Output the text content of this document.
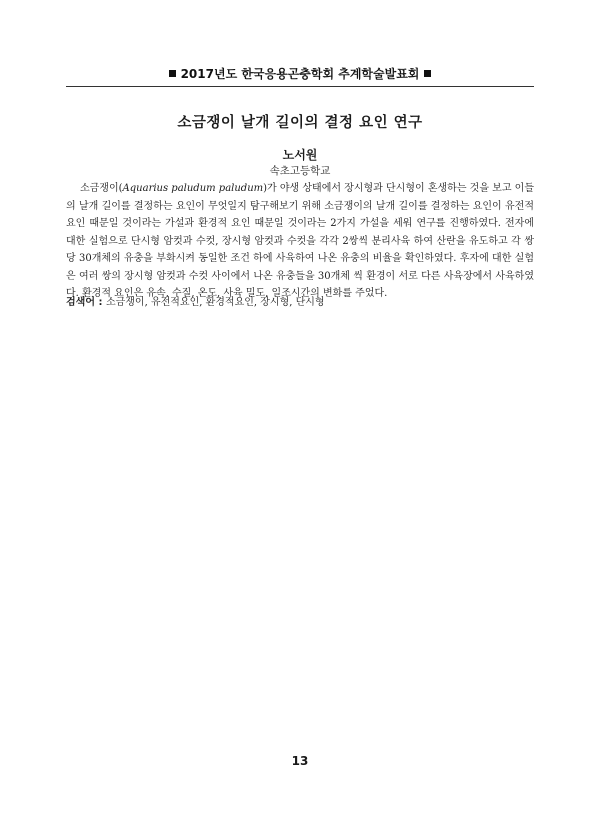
2017년도 한국응용곤충학회 추계학술발표회
소금쟁이 날개 길이의 결정 요인 연구
노서원
속초고등학교

소금쟁이(Aquarius paludum paludum)가 야생 상태에서 장시형과 단시형이 혼생하는 것을 보고 이들의 날개 길이를 결정하는 요인이 무엇일지 탐구해보기 위해 소금쟁이의 날개 길이를 결정하는 요인이 유전적 요인 때문일 것이라는 가설과 환경적 요인 때문일 것이라는 2가지 가설을 세워 연구를 진행하였다. 전자에 대한 실험으로 단시형 암컷과 수컷, 장시형 암컷과 수컷을 각각 2쌍씩 분리사육 하여 산란을 유도하고 각 쌍당 30개체의 유충을 부화시켜 동일한 조건 하에 사육하여 나온 유충의 비율을 확인하였다. 후자에 대한 실험은 여러 쌍의 장시형 암컷과 수컷 사이에서 나온 유충들을 30개체 씩 환경이 서로 다른 사육장에서 사육하였다. 환경적 요인은 유속, 수질, 온도, 사육 밀도, 일조시간의 변화를 주었다.

검색어 : 소금쟁이, 유전적요인, 환경적요인, 장시형, 단시형
13
